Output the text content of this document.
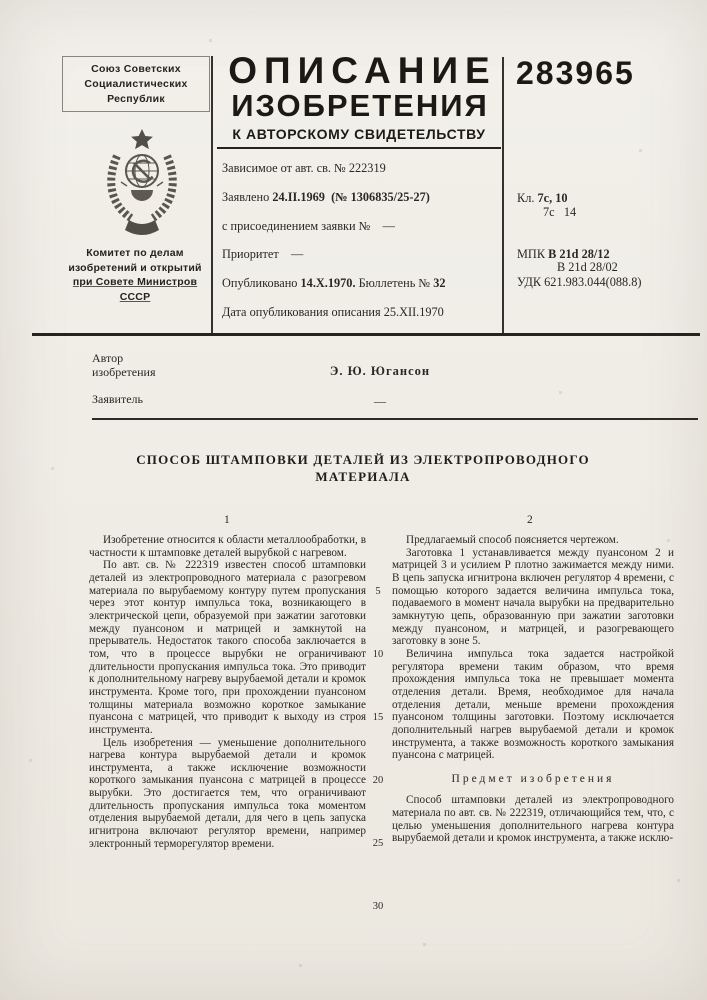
Союз Советских
Социалистических
Республик
Комитет по делам
изобретений и открытий
при Совете Министров
СССР
ОПИСАНИЕ
ИЗОБРЕТЕНИЯ
К АВТОРСКОМУ СВИДЕТЕЛЬСТВУ
283965
Зависимое от авт. св. № 222319
Заявлено 24.II.1969  (№ 1306835/25-27)
с присоединением заявки №    —
Приоритет    —
Опубликовано 14.X.1970. Бюллетень № 32
Дата опубликования описания 25.XII.1970
Кл. 7с, 10
7с   14
МПК В 21d 28/12
В 21d 28/02
УДК 621.983.044(088.8)
Автор
изобретения	Э. Ю. Югансон
Заявитель	—
СПОСОБ ШТАМПОВКИ ДЕТАЛЕЙ ИЗ ЭЛЕКТРОПРОВОДНОГО МАТЕРИАЛА
1	2
5
10
15
20
25
30

Изобретение относится к области металлообработки, в частности к штамповке деталей вырубкой с нагревом.

По авт. св. № 222319 известен способ штамповки деталей из электропроводного материала с разогревом материала по вырубаемому контуру путем пропускания через этот контур импульса тока, возникающего в электрической цепи, образуемой при зажатии заготовки между пуансоном и матрицей и замкнутой на прерыватель. Недостаток такого способа заключается в том, что в процессе вырубки не ограничивают длительности пропускания импульса тока. Это приводит к дополнительному нагреву вырубаемой детали и кромок инструмента. Кроме того, при прохождении пуансоном толщины материала возможно короткое замыкание пуансона с матрицей, что приводит к выходу из строя инструмента.

Цель изобретения — уменьшение дополнительного нагрева контура вырубаемой детали и кромок инструмента, а также исключение возможности короткого замыкания пуансона с матрицей в процессе вырубки. Это достигается тем, что ограничивают длительность пропускания импульса тока моментом отделения вырубаемой детали, для чего в цепь запуска игнитрона включают регулятор времени, например электронный терморегулятор времени.

Предлагаемый способ поясняется чертежом.

Заготовка 1 устанавливается между пуансоном 2 и матрицей 3 и усилием Р плотно зажимается между ними. В цепь запуска игнитрона включен регулятор 4 времени, с помощью которого задается величина импульса тока, подаваемого в момент начала вырубки на предварительно замкнутую цепь, образованную при зажатии заготовки между пуансоном, и матрицей, и разогревающего заготовку в зоне 5.

Величина импульса тока задается настройкой регулятора времени таким образом, что время прохождения импульса тока не превышает момента отделения детали. Время, необходимое для начала отделения детали, меньше времени прохождения пуансоном толщины заготовки. Поэтому исключается дополнительный нагрев вырубаемой детали и кромок инструмента, а также возможность короткого замыкания пуансона с матрицей.

Предмет изобретения

Способ штамповки деталей из электропроводного материала по авт. св. № 222319, отличающийся тем, что, с целью уменьшения дополнительного нагрева контура вырубаемой детали и кромок инструмента, а также исклю-
